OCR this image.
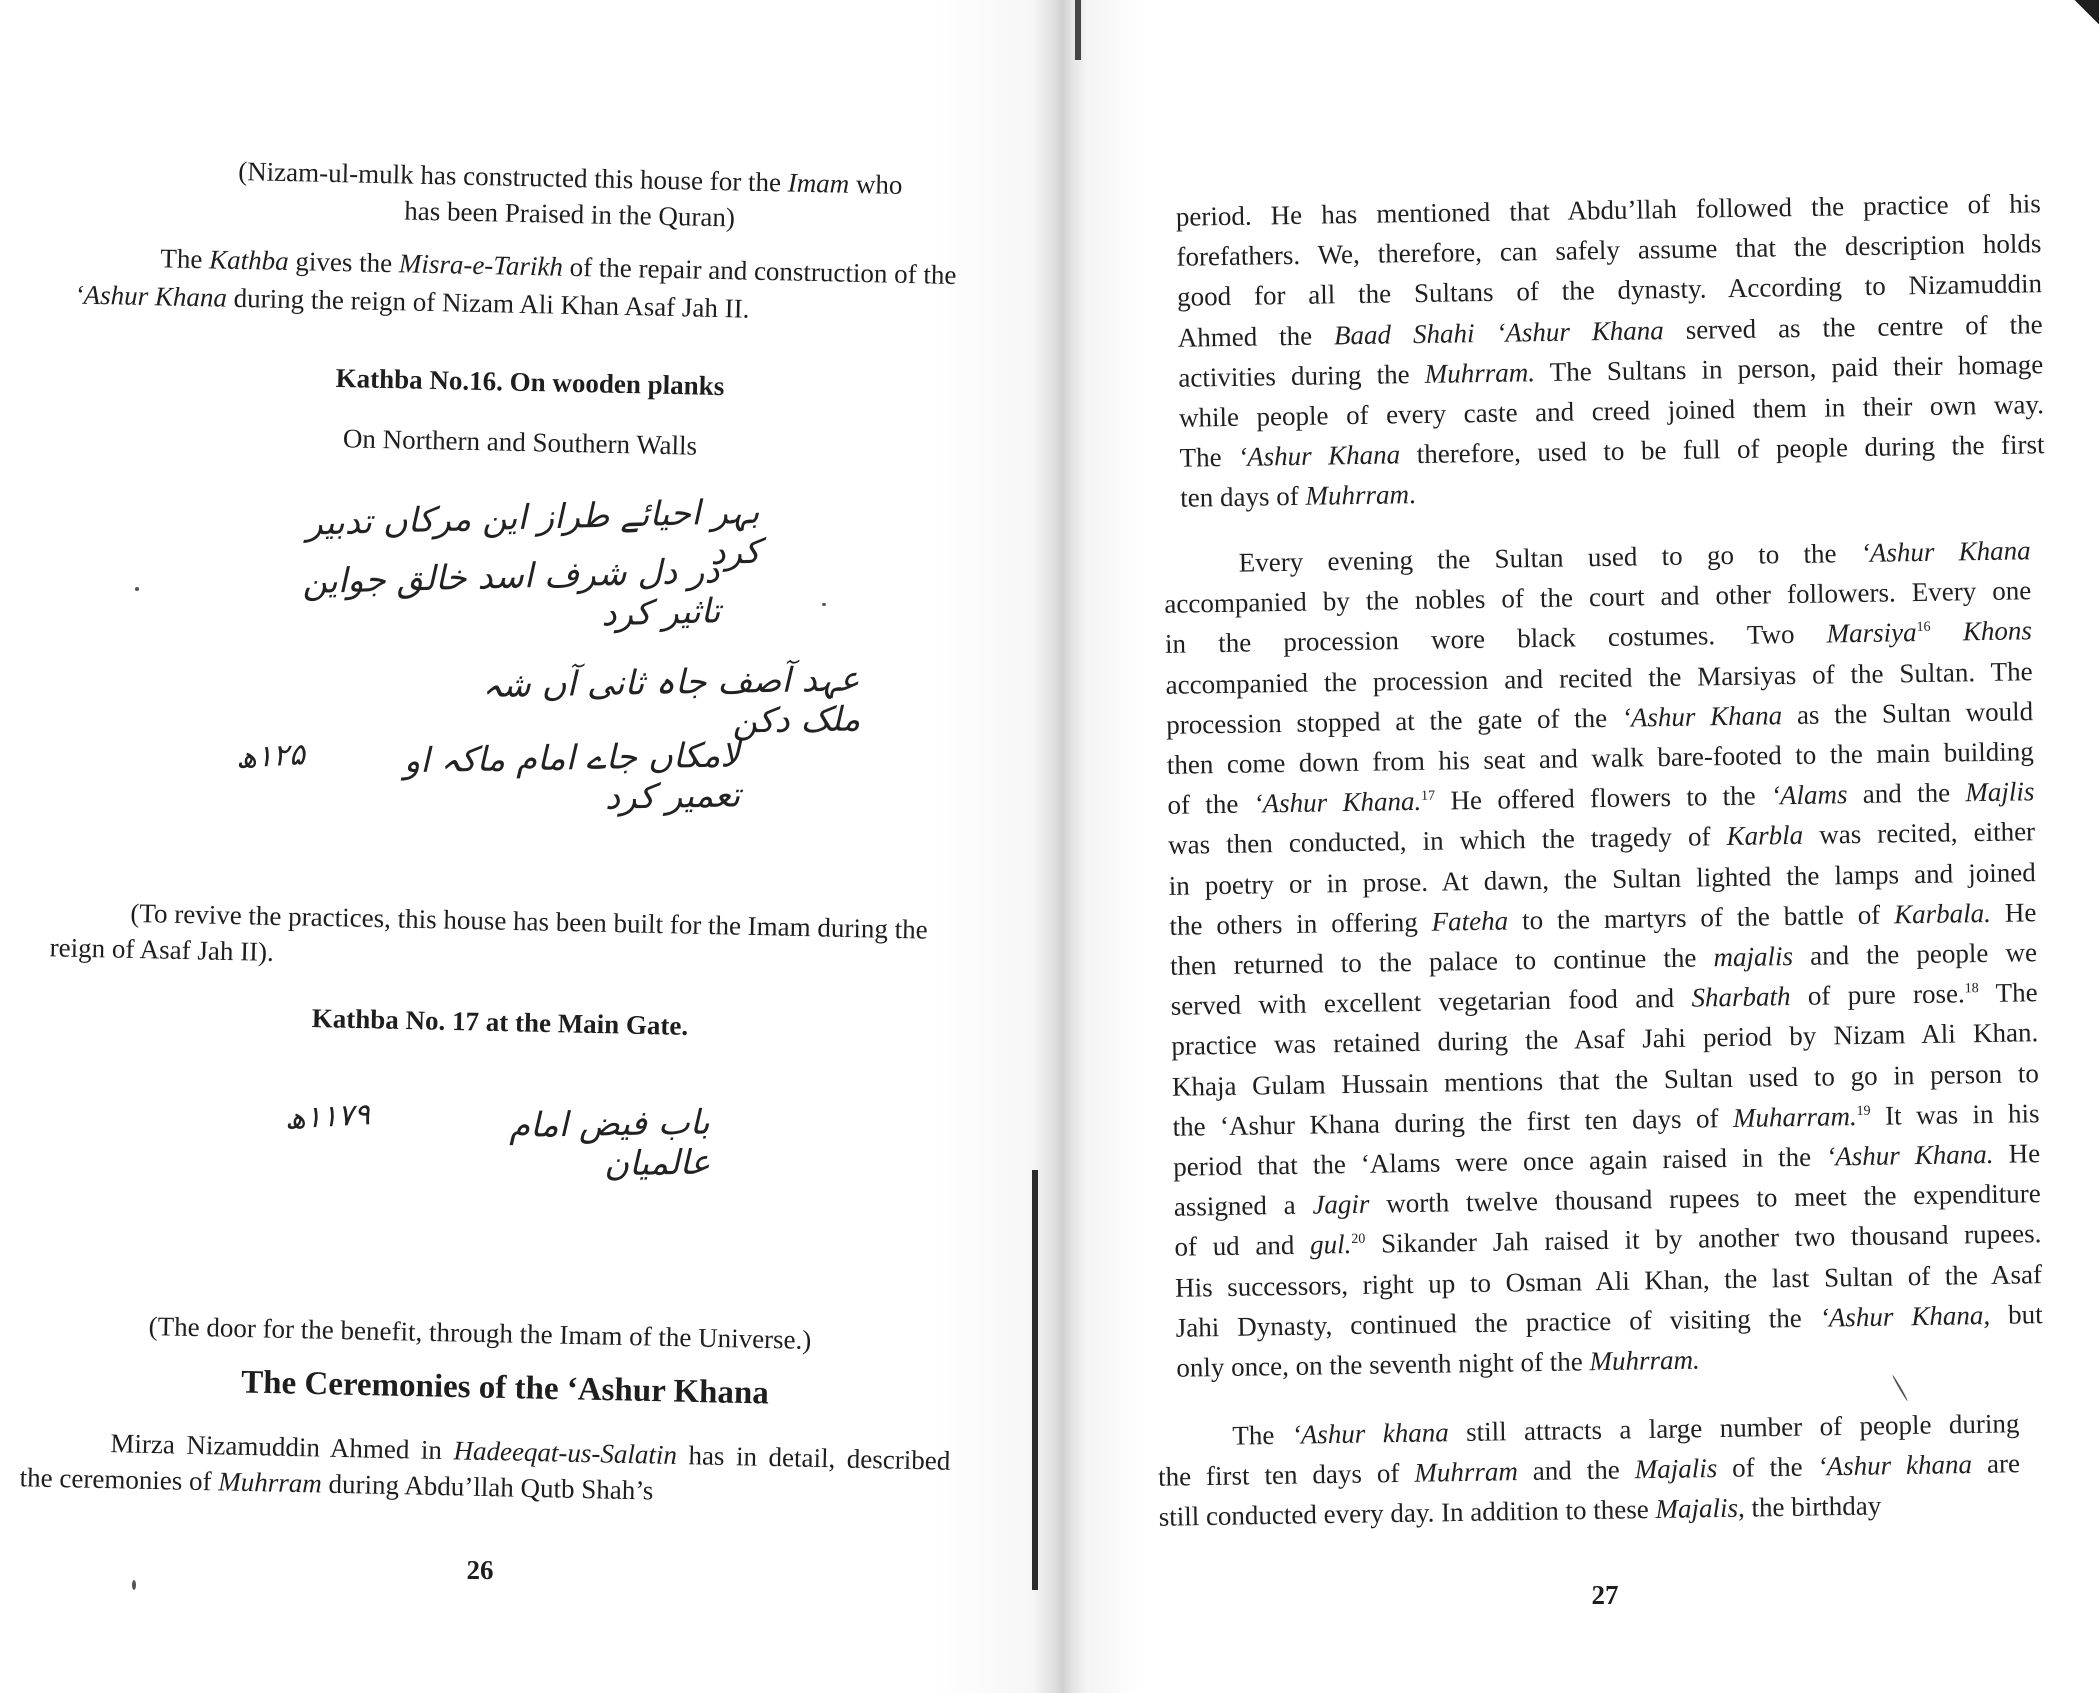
(Nizam-ul-mulk has constructed this house for the Imam who
has been Praised in the Quran)
The Kathba gives the Misra-e-Tarikh of the repair and construction of the ‘Ashur Khana during the reign of Nizam Ali Khan Asaf Jah II.
Kathba No.16. On wooden planks
On Northern and Southern Walls
بہر احیائے طراز این مرکاں تدبیر کرد
در دل شرف اسد خالق جواین تاثیر کرد
عہد آصف جاہ ثانی آں شہ ملک دکن
لامکاں جاے امام ماکہ او تعمیر کرد
۱۲۵ھ
(To revive the practices, this house has been built for the Imam during the reign of Asaf Jah II).
Kathba No. 17 at the Main Gate.
باب فیض امام عالمیان
۱۱۷۹ھ
(The door for the benefit, through the Imam of the Universe.)
The Ceremonies of the ‘Ashur Khana
Mirza Nizamuddin Ahmed in Hadeeqat-us-Salatin has in detail, described the ceremonies of Muhrram during Abdu’llah Qutb Shah’s
26
period. He has mentioned that Abdu’llah followed the practice of his
forefathers. We, therefore, can safely assume that the description holds
good for all the Sultans of the dynasty. According to Nizamuddin
Ahmed the Baad Shahi ‘Ashur Khana served as the centre of the
activities during the Muhrram. The Sultans in person, paid their homage
while people of every caste and creed joined them in their own way.
The ‘Ashur Khana therefore, used to be full of people during the first
ten days of Muhrram.
Every evening the Sultan used to go to the ‘Ashur Khana
accompanied by the nobles of the court and other followers. Every one
in the procession wore black costumes. Two Marsiya$^{16}$ Khons
accompanied the procession and recited the Marsiyas of the Sultan. The
procession stopped at the gate of the ‘Ashur Khana as the Sultan would
then come down from his seat and walk bare-footed to the main building
of the ‘Ashur Khana.$^{17}$ He offered flowers to the ‘Alams and the Majlis
was then conducted, in which the tragedy of Karbla was recited, either
in poetry or in prose. At dawn, the Sultan lighted the lamps and joined
the others in offering Fateha to the martyrs of the battle of Karbala. He
then returned to the palace to continue the majalis and the people we
served with excellent vegetarian food and Sharbath of pure rose.$^{18}$ The
practice was retained during the Asaf Jahi period by Nizam Ali Khan.
Khaja Gulam Hussain mentions that the Sultan used to go in person to
the ‘Ashur Khana during the first ten days of Muharram.$^{19}$ It was in his
period that the ‘Alams were once again raised in the ‘Ashur Khana. He
assigned a Jagir worth twelve thousand rupees to meet the expenditure
of ud and gul.$^{20}$ Sikander Jah raised it by another two thousand rupees.
His successors, right up to Osman Ali Khan, the last Sultan of the Asaf
Jahi Dynasty, continued the practice of visiting the ‘Ashur Khana, but
only once, on the seventh night of the Muhrram.
The ‘Ashur khana still attracts a large number of people during
the first ten days of Muhrram and the Majalis of the ‘Ashur khana are
still conducted every day. In addition to these Majalis, the birthday
27
